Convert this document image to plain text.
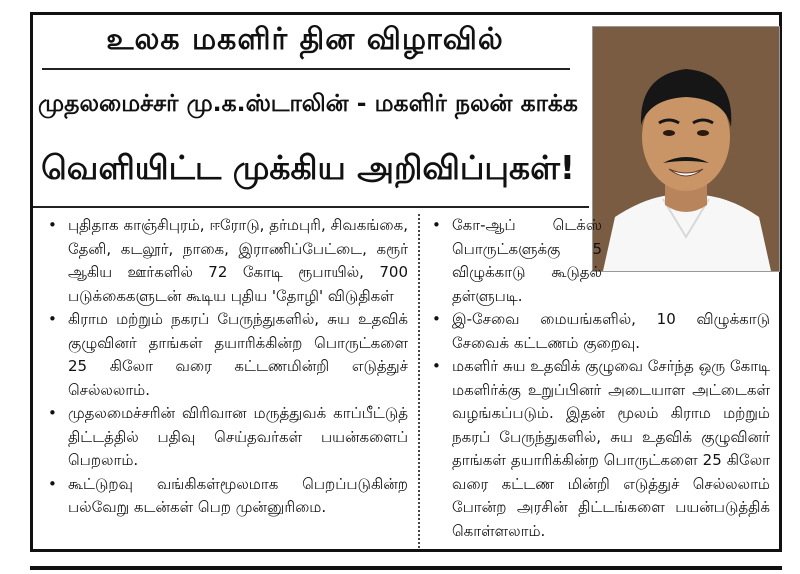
உலக மகளிர் தின விழாவில்
முதலமைச்சர் மு.க.ஸ்டாலின் - மகளிர் நலன் காக்க
வெளியிட்ட முக்கிய அறிவிப்புகள்!
• புதிதாக காஞ்சிபுரம், ஈரோடு, தர்மபுரி, சிவகங்கை, தேனி, கடலூர், நாகை, இராணிப்பேட்டை, கரூர் ஆகிய ஊர்களில் 72 கோடி ரூபாயில், 700 படுக்கைகளுடன் கூடிய புதிய 'தோழி' விடுதிகள்
• கிராம மற்றும் நகரப் பேருந்துகளில், சுய உதவிக் குழுவினர் தாங்கள் தயாரிக்கின்ற பொருட்களை 25 கிலோ வரை கட்டணமின்றி எடுத்துச் செல்லலாம்.
• முதலமைச்சரின் விரிவான மருத்துவக் காப்பீட்டுத் திட்டத்தில் பதிவு செய்தவர்கள் பயன்களைப் பெறலாம்.
• கூட்டுறவு வங்கிகள்மூலமாக பெறப்படுகின்ற பல்வேறு கடன்கள் பெற முன்னுரிமை.
• கோ-ஆப் டெக்ஸ் பொருட்களுக்கு 5 விழுக்காடு கூடுதல் தள்ளுபடி.
• இ-சேவை மையங்களில், 10 விழுக்காடு சேவைக் கட்டணம் குறைவு.
• மகளிர் சுய உதவிக் குழுவை சேர்ந்த ஒரு கோடி மகளிர்க்கு உறுப்பினர் அடையாள அட்டைகள் வழங்கப்படும். இதன் மூலம் கிராம மற்றும் நகரப் பேருந்துகளில், சுய உதவிக் குழுவினர் தாங்கள் தயாரிக்கின்ற பொருட்களை 25 கிலோ வரை கட்டண மின்றி எடுத்துச் செல்லலாம் போன்ற அரசின் திட்டங்களை பயன்படுத்திக் கொள்ளலாம்.
